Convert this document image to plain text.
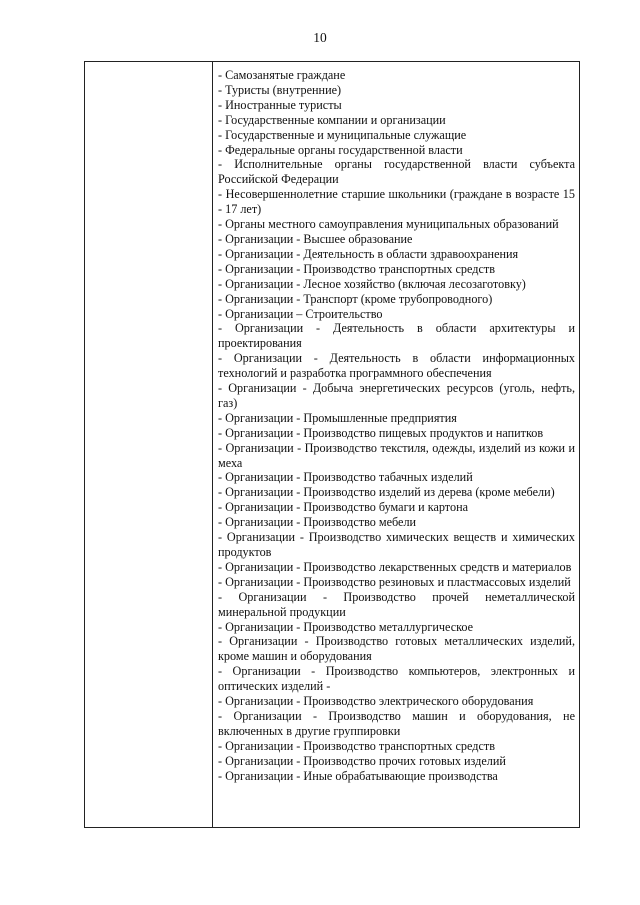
10

- Самозанятые граждане

- Туристы (внутренние)

- Иностранные туристы

- Государственные компании и организации

- Государственные и муниципальные служащие

- Федеральные органы государственной власти

- Исполнительные органы государственной власти субъекта Российской Федерации

- Несовершеннолетние старшие школьники (граждане в возрасте 15 - 17 лет)

- Органы местного самоуправления муниципальных образований

- Организации - Высшее образование

- Организации - Деятельность в области здравоохранения

- Организации - Производство транспортных средств

- Организации - Лесное хозяйство (включая лесозаготовку)

- Организации - Транспорт (кроме трубопроводного)

- Организации – Строительство

- Организации - Деятельность в области архитектуры и проектирования

- Организации - Деятельность в области информационных технологий и разработка программного обеспечения

- Организации - Добыча энергетических ресурсов (уголь, нефть, газ)

- Организации - Промышленные предприятия

- Организации - Производство пищевых продуктов и напитков

- Организации - Производство текстиля, одежды, изделий из кожи и меха

- Организации - Производство табачных изделий

- Организации - Производство изделий из дерева (кроме мебели)

- Организации - Производство бумаги и картона

- Организации - Производство мебели

- Организации - Производство химических веществ и химических продуктов

- Организации - Производство лекарственных средств и материалов

- Организации - Производство резиновых и пластмассовых изделий

- Организации - Производство прочей неметаллической минеральной продукции

- Организации - Производство металлургическое

- Организации - Производство готовых металлических изделий, кроме машин и оборудования

- Организации - Производство компьютеров, электронных и оптических изделий -

- Организации - Производство электрического оборудования

- Организации - Производство машин и оборудования, не включенных в другие группировки

- Организации - Производство транспортных средств

- Организации - Производство прочих готовых изделий

- Организации - Иные обрабатывающие производства
